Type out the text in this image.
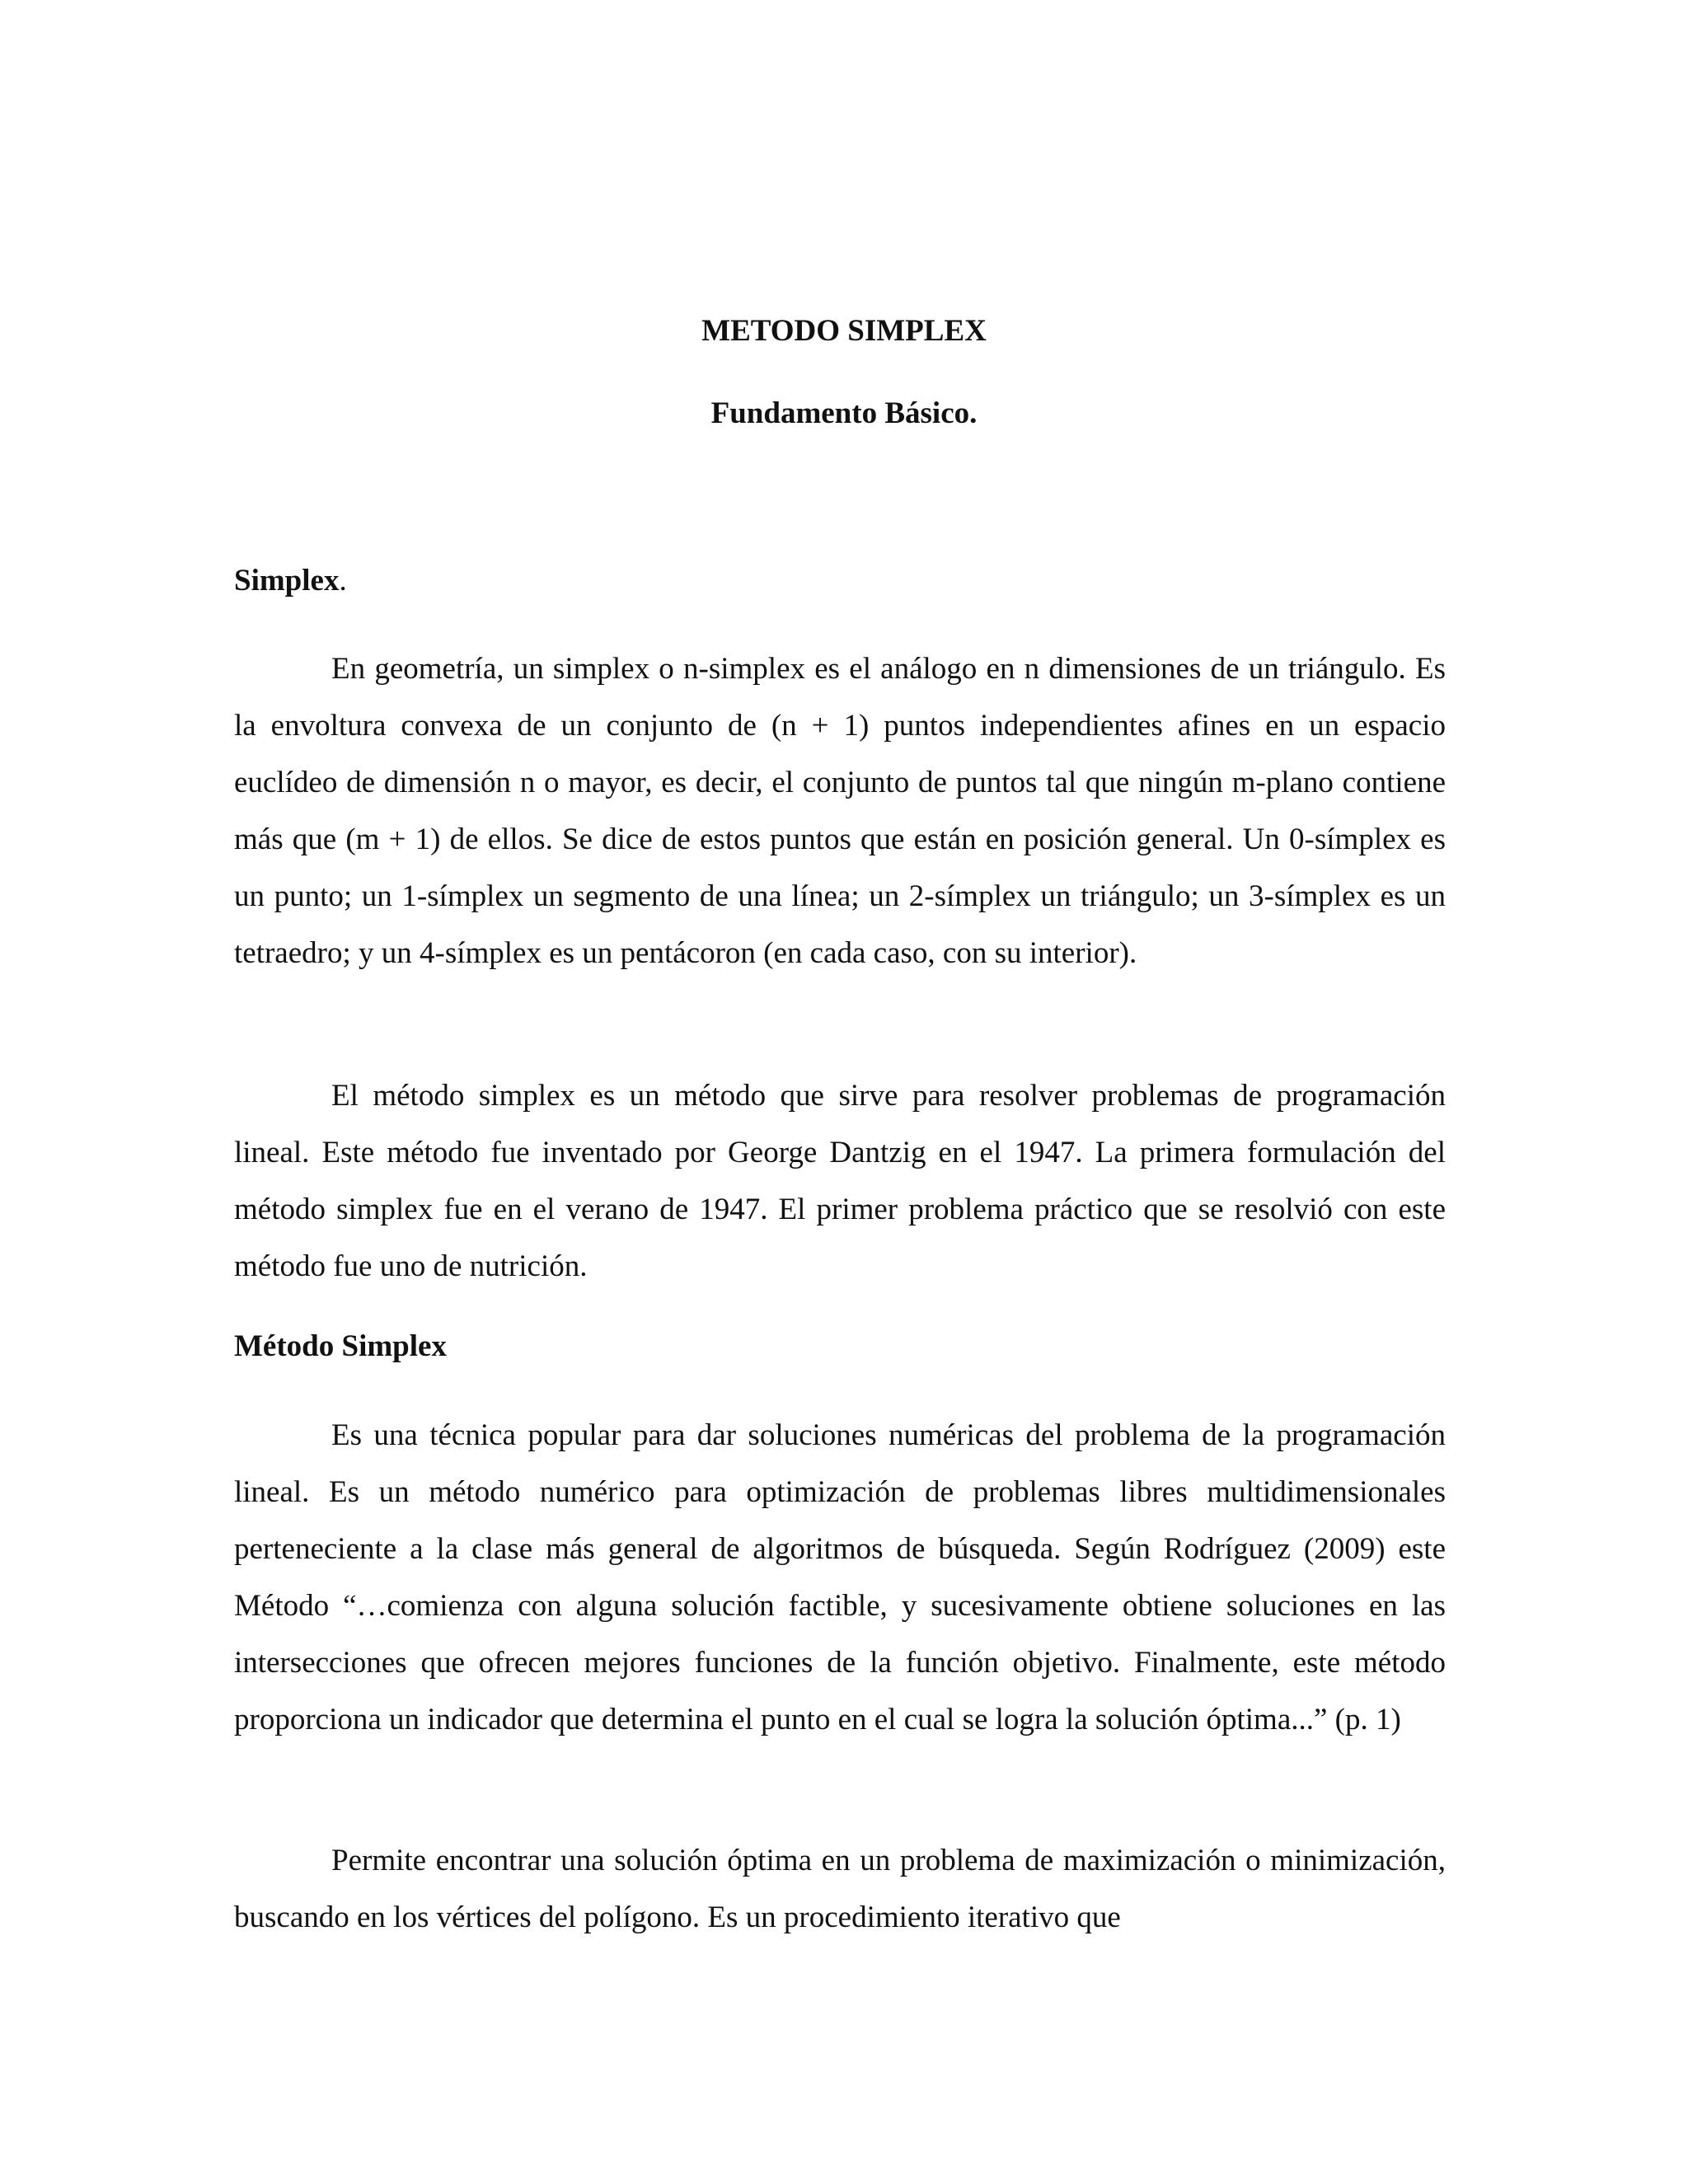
METODO SIMPLEX
Fundamento Básico.
Simplex.

En geometría, un simplex o n-simplex es el análogo en n dimensiones de un triángulo. Es la envoltura convexa de un conjunto de (n + 1) puntos independientes afines en un espacio euclídeo de dimensión n o mayor, es decir, el conjunto de puntos tal que ningún m-plano contiene más que (m + 1) de ellos. Se dice de estos puntos que están en posición general. Un 0-símplex es un punto; un 1-símplex un segmento de una línea; un 2-símplex un triángulo; un 3-símplex es un tetraedro; y un 4-símplex es un pentácoron (en cada caso, con su interior).

El método simplex es un método que sirve para resolver problemas de programación lineal. Este método fue inventado por George Dantzig en el 1947. La primera formulación del método simplex fue en el verano de 1947. El primer problema práctico que se resolvió con este método fue uno de nutrición.

Método Simplex

Es una técnica popular para dar soluciones numéricas del problema de la programación lineal. Es un método numérico para optimización de problemas libres multidimensionales perteneciente a la clase más general de algoritmos de búsqueda. Según Rodríguez (2009) este Método “…comienza con alguna solución factible, y sucesivamente obtiene soluciones en las intersecciones que ofrecen mejores funciones de la función objetivo. Finalmente, este método proporciona un indicador que determina el punto en el cual se logra la solución óptima...” (p. 1)

Permite encontrar una solución óptima en un problema de maximización o minimización, buscando en los vértices del polígono. Es un procedimiento iterativo que
